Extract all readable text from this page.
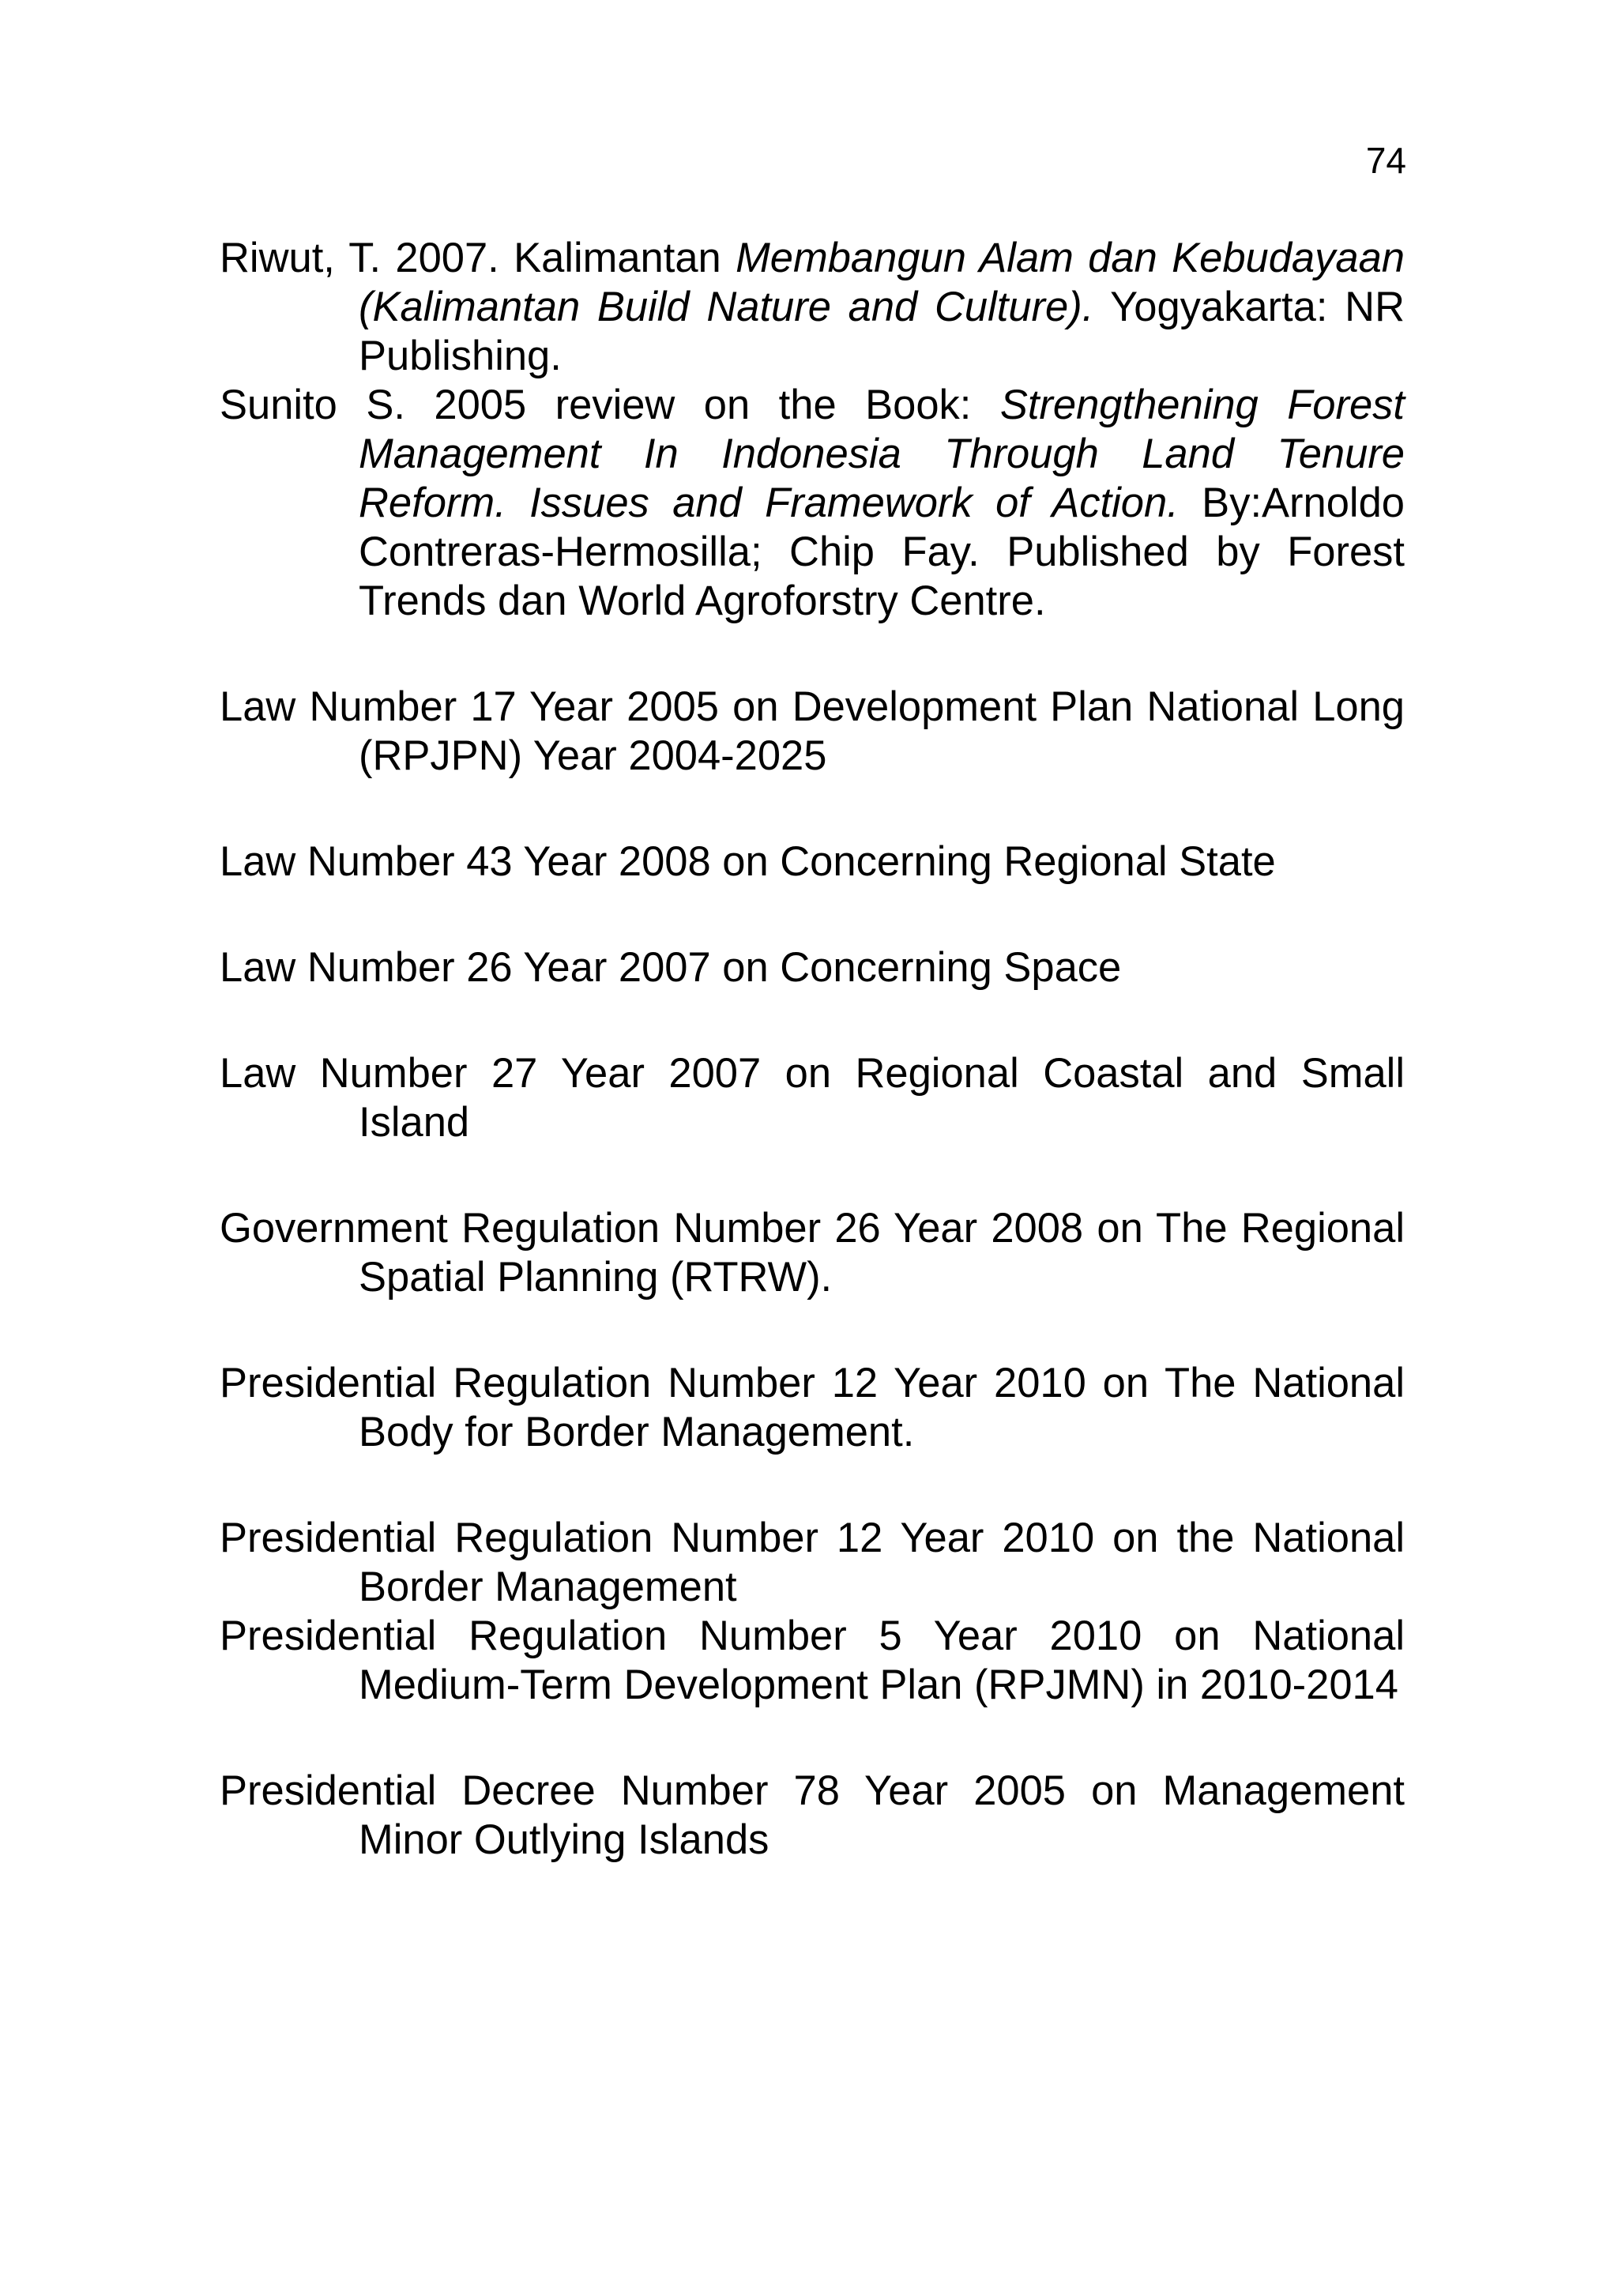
74

Riwut, T. 2007. Kalimantan Membangun Alam dan Kebudayaan (Kalimantan Build Nature and Culture). Yogyakarta: NR Publishing.

Sunito S. 2005 review on the Book: Strengthening Forest Management In Indonesia Through Land Tenure Reform. Issues and Framework of Action. By:Arnoldo Contreras-Hermosilla; Chip Fay. Published by Forest Trends dan World Agroforstry Centre.

Law Number 17 Year 2005 on Development Plan National Long (RPJPN) Year 2004-2025

Law Number 43 Year 2008 on Concerning Regional State

Law Number 26 Year 2007 on Concerning Space

Law Number 27 Year 2007 on Regional Coastal and Small Island

Government Regulation Number 26 Year 2008 on The Regional Spatial Planning (RTRW).

Presidential Regulation Number 12 Year 2010 on The National Body for Border Management.

Presidential Regulation Number 12 Year 2010 on the National Border Management

Presidential Regulation Number 5 Year 2010 on National Medium-Term Development Plan (RPJMN) in 2010-2014

Presidential Decree Number 78 Year 2005 on Management Minor Outlying Islands
